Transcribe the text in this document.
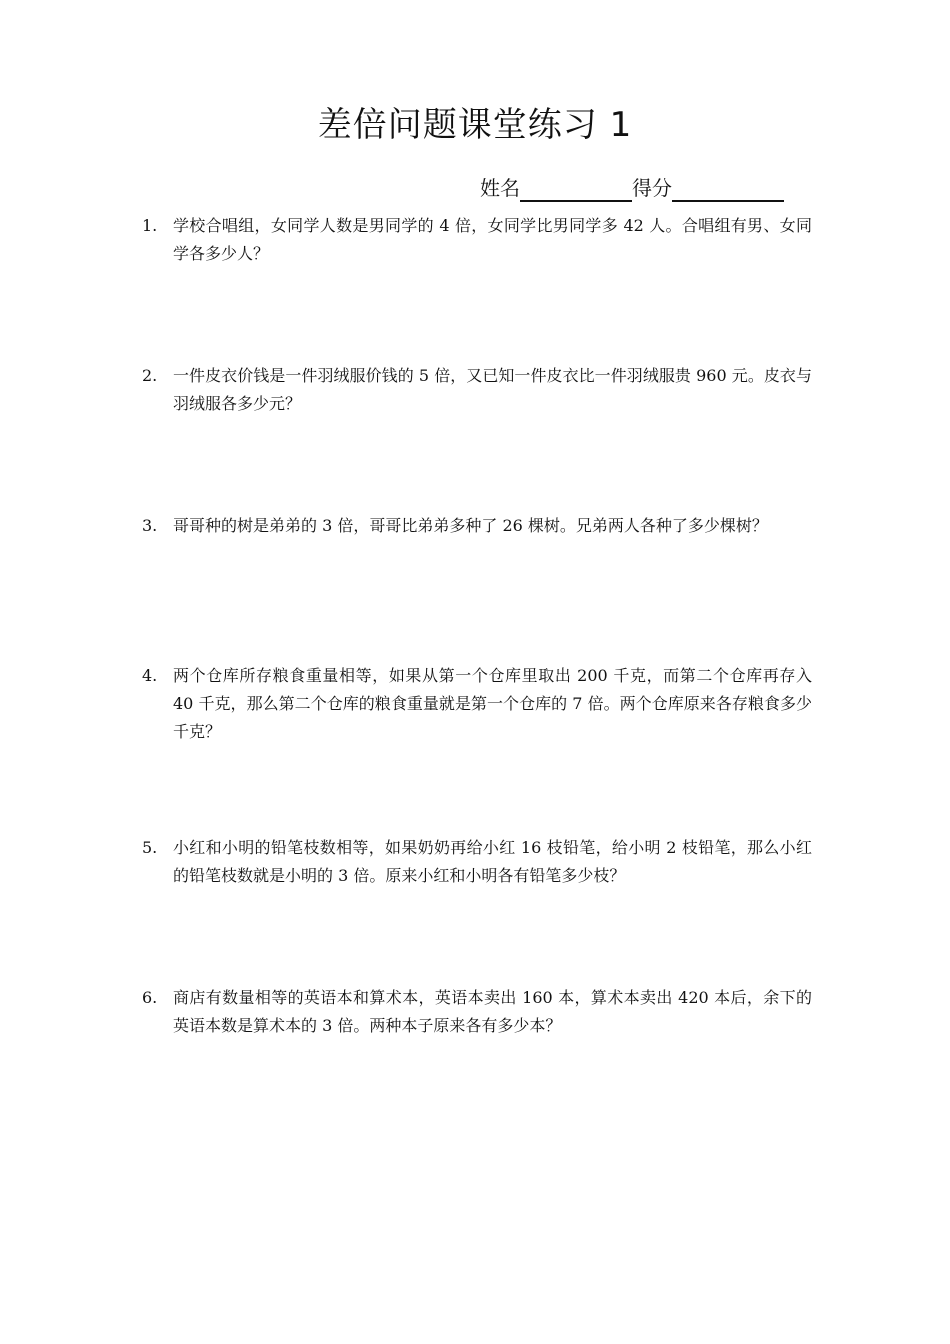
差倍问题课堂练习 1
姓名	得分
1. 学校合唱组，女同学人数是男同学的 4 倍，女同学比男同学多 42 人。合唱组有男、女同学各多少人？
2. 一件皮衣价钱是一件羽绒服价钱的 5 倍，又已知一件皮衣比一件羽绒服贵 960 元。皮衣与羽绒服各多少元？
3. 哥哥种的树是弟弟的 3 倍，哥哥比弟弟多种了 26 棵树。兄弟两人各种了多少棵树？
4. 两个仓库所存粮食重量相等，如果从第一个仓库里取出 200 千克，而第二个仓库再存入 40 千克，那么第二个仓库的粮食重量就是第一个仓库的 7 倍。两个仓库原来各存粮食多少千克？
5. 小红和小明的铅笔枝数相等，如果奶奶再给小红 16 枝铅笔，给小明 2 枝铅笔，那么小红的铅笔枝数就是小明的 3 倍。原来小红和小明各有铅笔多少枝？
6. 商店有数量相等的英语本和算术本，英语本卖出 160 本，算术本卖出 420 本后，余下的英语本数是算术本的 3 倍。两种本子原来各有多少本？
